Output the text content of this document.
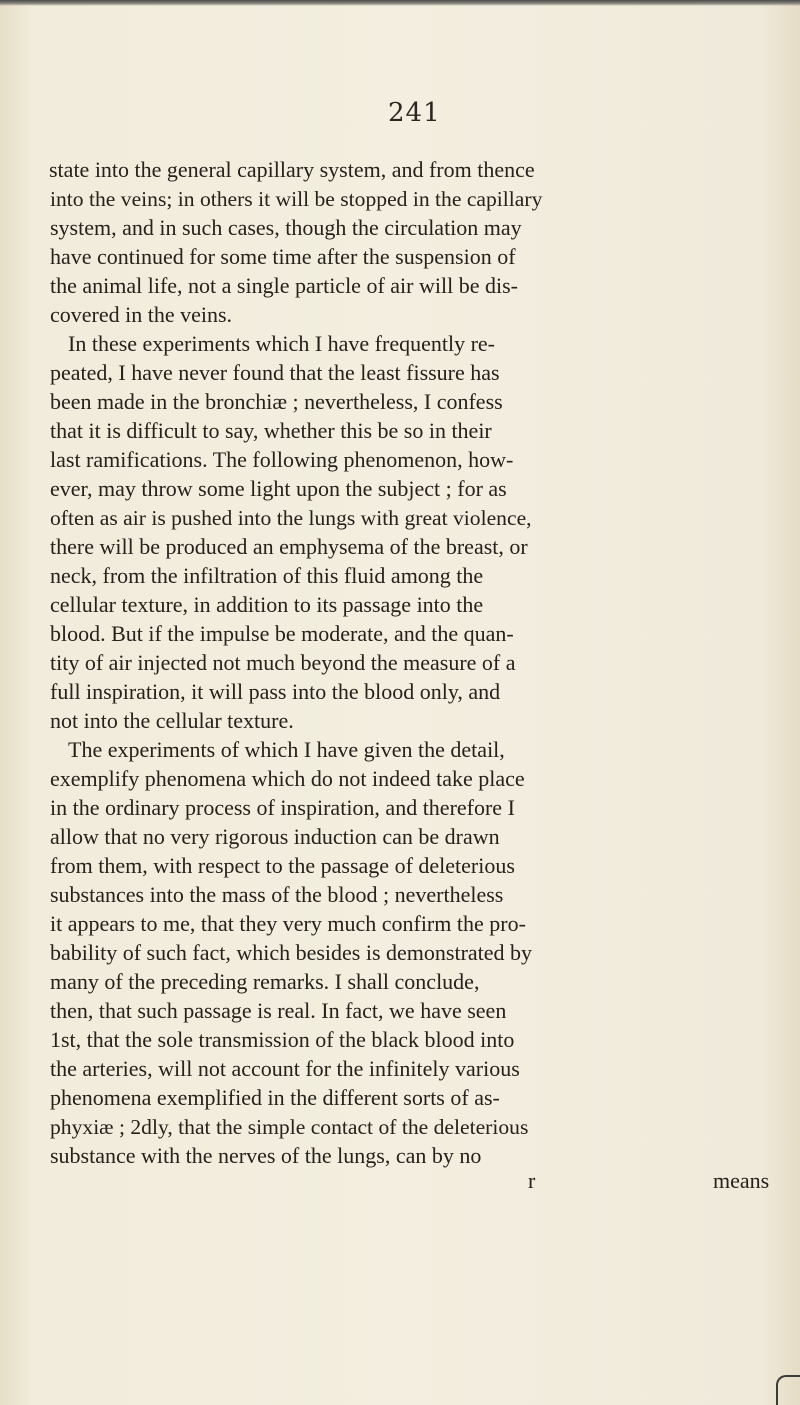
241
state into the general capillary system, and from thence
into the veins; in others it will be stopped in the capillary
system, and in such cases, though the circulation may
have continued for some time after the suspension of
the animal life, not a single particle of air will be dis-
covered in the veins.
In these experiments which I have frequently re-
peated, I have never found that the least fissure has
been made in the bronchiæ ; nevertheless, I confess
that it is difficult to say, whether this be so in their
last ramifications. The following phenomenon, how-
ever, may throw some light upon the subject ; for as
often as air is pushed into the lungs with great violence,
there will be produced an emphysema of the breast, or
neck, from the infiltration of this fluid among the
cellular texture, in addition to its passage into the
blood. But if the impulse be moderate, and the quan-
tity of air injected not much beyond the measure of a
full inspiration, it will pass into the blood only, and
not into the cellular texture.
The experiments of which I have given the detail,
exemplify phenomena which do not indeed take place
in the ordinary process of inspiration, and therefore I
allow that no very rigorous induction can be drawn
from them, with respect to the passage of deleterious
substances into the mass of the blood ; nevertheless
it appears to me, that they very much confirm the pro-
bability of such fact, which besides is demonstrated by
many of the preceding remarks. I shall conclude,
then, that such passage is real. In fact, we have seen
1st, that the sole transmission of the black blood into
the arteries, will not account for the infinitely various
phenomena exemplified in the different sorts of as-
phyxiæ ; 2dly, that the simple contact of the deleterious
substance with the nerves of the lungs, can by no
r	means
